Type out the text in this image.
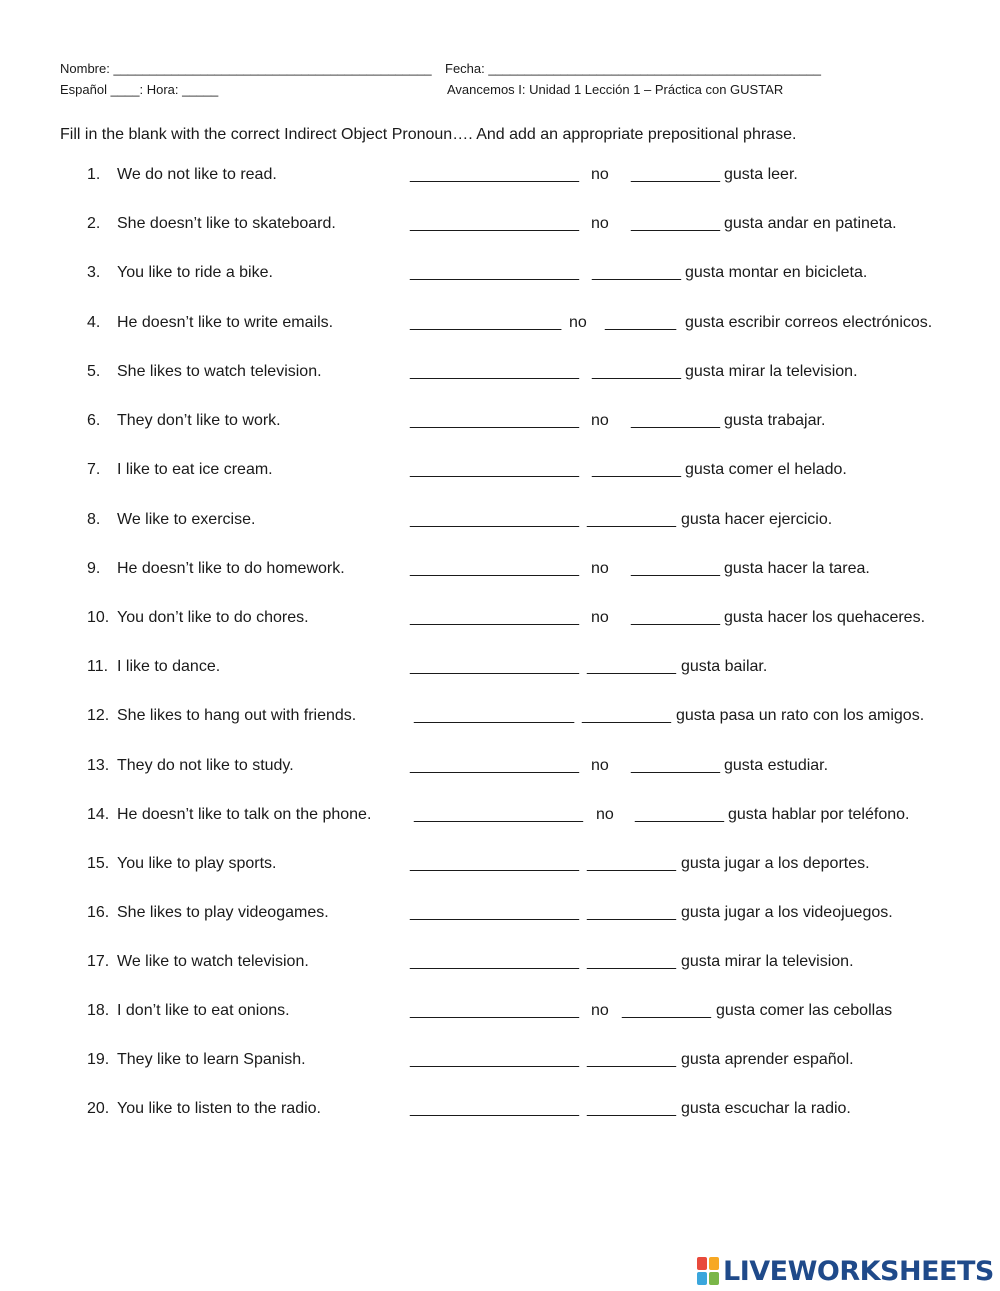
Nombre: ____________________________________________ Fecha: ______________________________________________
Español ____: Hora: _____	Avancemos I: Unidad 1 Lección 1 – Práctica con GUSTAR
Fill in the blank with the correct Indirect Object Pronoun…. And add an appropriate prepositional phrase.
1.	We do not like to read.	___________________ no __________ gusta leer.
2.	She doesn’t like to skateboard.	___________________ no __________ gusta andar en patineta.
3.	You like to ride a bike.	___________________ __________ gusta montar en bicicleta.
4.	He doesn’t like to write emails.	_________________ no ________ gusta escribir correos electrónicos.
5.	She likes to watch television.	___________________ __________ gusta mirar la television.
6.	They don’t like to work.	___________________ no __________ gusta trabajar.
7.	I like to eat ice cream.	___________________ __________ gusta comer el helado.
8.	We like to exercise.	___________________ __________ gusta hacer ejercicio.
9.	He doesn’t like to do homework.	___________________ no __________ gusta hacer la tarea.
10. You don’t like to do chores.	___________________ no __________ gusta hacer los quehaceres.
11. I like to dance.	___________________ __________ gusta bailar.
12. She likes to hang out with friends.	__________________ __________ gusta pasa un rato con los amigos.
13. They do not like to study.	___________________ no __________ gusta estudiar.
14. He doesn’t like to talk on the phone.	___________________ no __________ gusta hablar por teléfono.
15. You like to play sports.	___________________ __________ gusta jugar a los deportes.
16. She likes to play videogames.	___________________ __________ gusta jugar a los videojuegos.
17. We like to watch television.	___________________ __________ gusta mirar la television.
18. I don’t like to eat onions.	___________________ no __________ gusta comer las cebollas
19. They like to learn Spanish.	___________________ __________ gusta aprender español.
20. You like to listen to the radio.	___________________ __________ gusta escuchar la radio.
LIVEWORKSHEETS
